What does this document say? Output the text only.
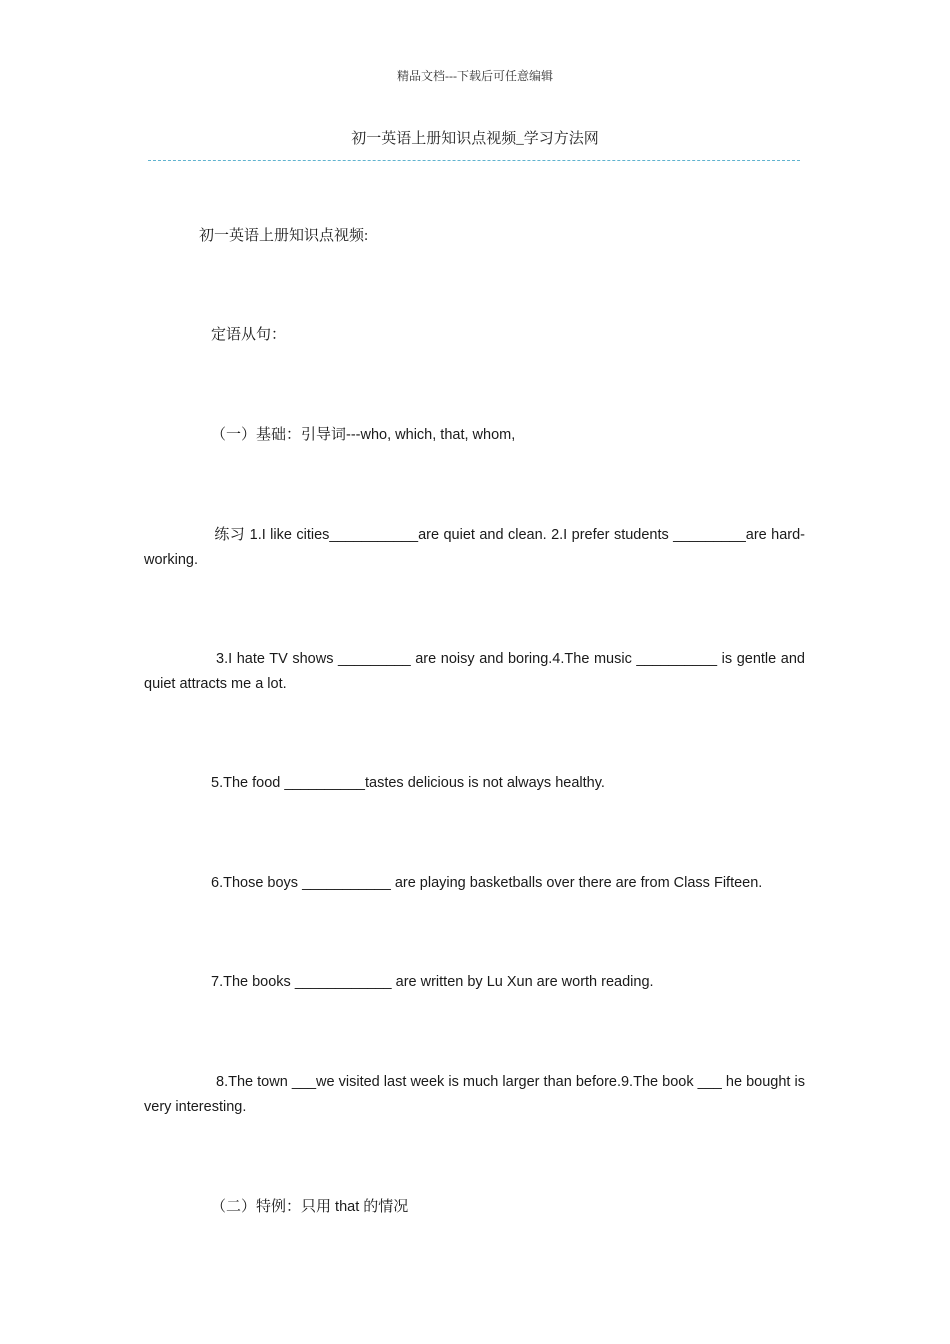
精品文档---下载后可任意编辑
初一英语上册知识点视频_学习方法网
初一英语上册知识点视频:
定语从句：
（一）基础：引导词---who, which, that, whom,
练习 1.I like cities___________are quiet and clean. 2.I prefer students _________are hard- working.
3.I hate TV shows _________ are noisy and boring.4.The music __________ is gentle and quiet attracts me a lot.
5.The food __________tastes delicious is not always healthy.
6.Those boys ___________ are playing basketballs over there are from Class Fifteen.
7.The books ____________ are written by Lu Xun are worth reading.
8.The town ___we visited last week is much larger than before.9.The book ___ he bought is very interesting.
（二）特例：只用 that 的情况
